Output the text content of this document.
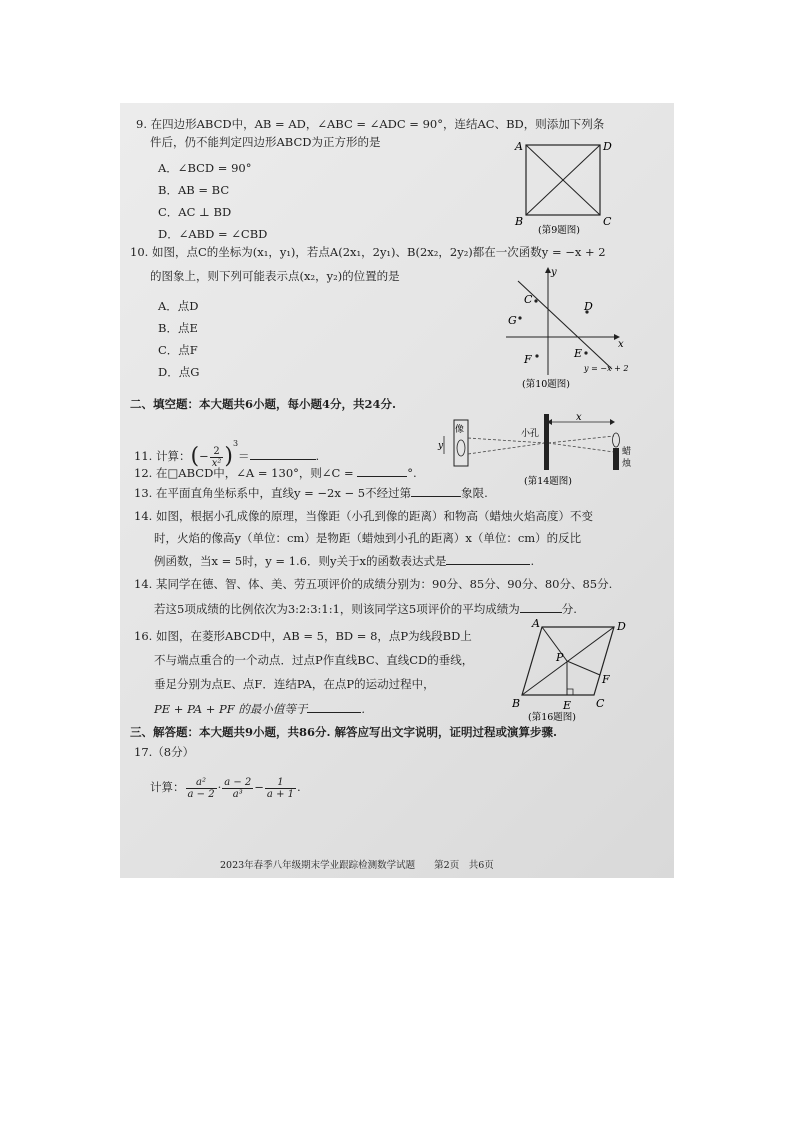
9. 在四边形ABCD中，AB = AD，∠ABC = ∠ADC = 90°，连结AC、BD，则添加下列条
件后，仍不能判定四边形ABCD为正方形的是
A．∠BCD = 90°
B．AB = BC
C．AC ⊥ BD
D．∠ABD = ∠CBD
A	D
B	C
(第9题图)
10. 如图，点C的坐标为(x₁，y₁)，若点A(2x₁，2y₁)、B(2x₂，2y₂)都在一次函数y = −x + 2
的图象上，则下列可能表示点(x₂，y₂)的位置的是
A．点D
B．点E
C．点F
D．点G
y
x
C
D
G
E
F
y = −x + 2
(第10题图)
二、填空题：本大题共6小题，每小题4分，共24分.
11. 计算：(− $\frac{2}{\text{x²}} )^3=$	.
像
y
小孔
x
蜡
烛
(第14题图)
12. 在□ABCD中，∠A = 130°，则∠C =	°.
13. 在平面直角坐标系中，直线y = −2x − 5不经过第	象限.
14. 如图，根据小孔成像的原理，当像距（小孔到像的距离）和物高（蜡烛火焰高度）不变
时，火焰的像高y（单位：cm）是物距（蜡烛到小孔的距离）x（单位：cm）的反比
例函数，当x = 5时，y = 1.6．则y关于x的函数表达式是	.
14. 某同学在德、智、体、美、劳五项评价的成绩分别为：90分、85分、90分、80分、85分.
若这5项成绩的比例依次为3:2:3:1:1，则该同学这5项评价的平均成绩为	分.
16. 如图，在菱形ABCD中，AB = 5，BD = 8，点P为线段BD上
不与端点重合的一个动点．过点P作直线BC、直线CD的垂线，
垂足分别为点E、点F．连结PA，在点P的运动过程中，
PE + PA + PF 的最小值等于	.
A	D
B	C
P
E
F
(第16题图)
三、解答题：本大题共9小题，共86分. 解答应写出文字说明，证明过程或演算步骤.
17.（8分）
计算： $\frac{\text{a²}}{a - 2} \cdot \frac{a - 2}{\text{a³}} - \frac{1}{a + 1}$ .
2023年春季八年级期末学业跟踪检测数学试题　　第2页　共6页
